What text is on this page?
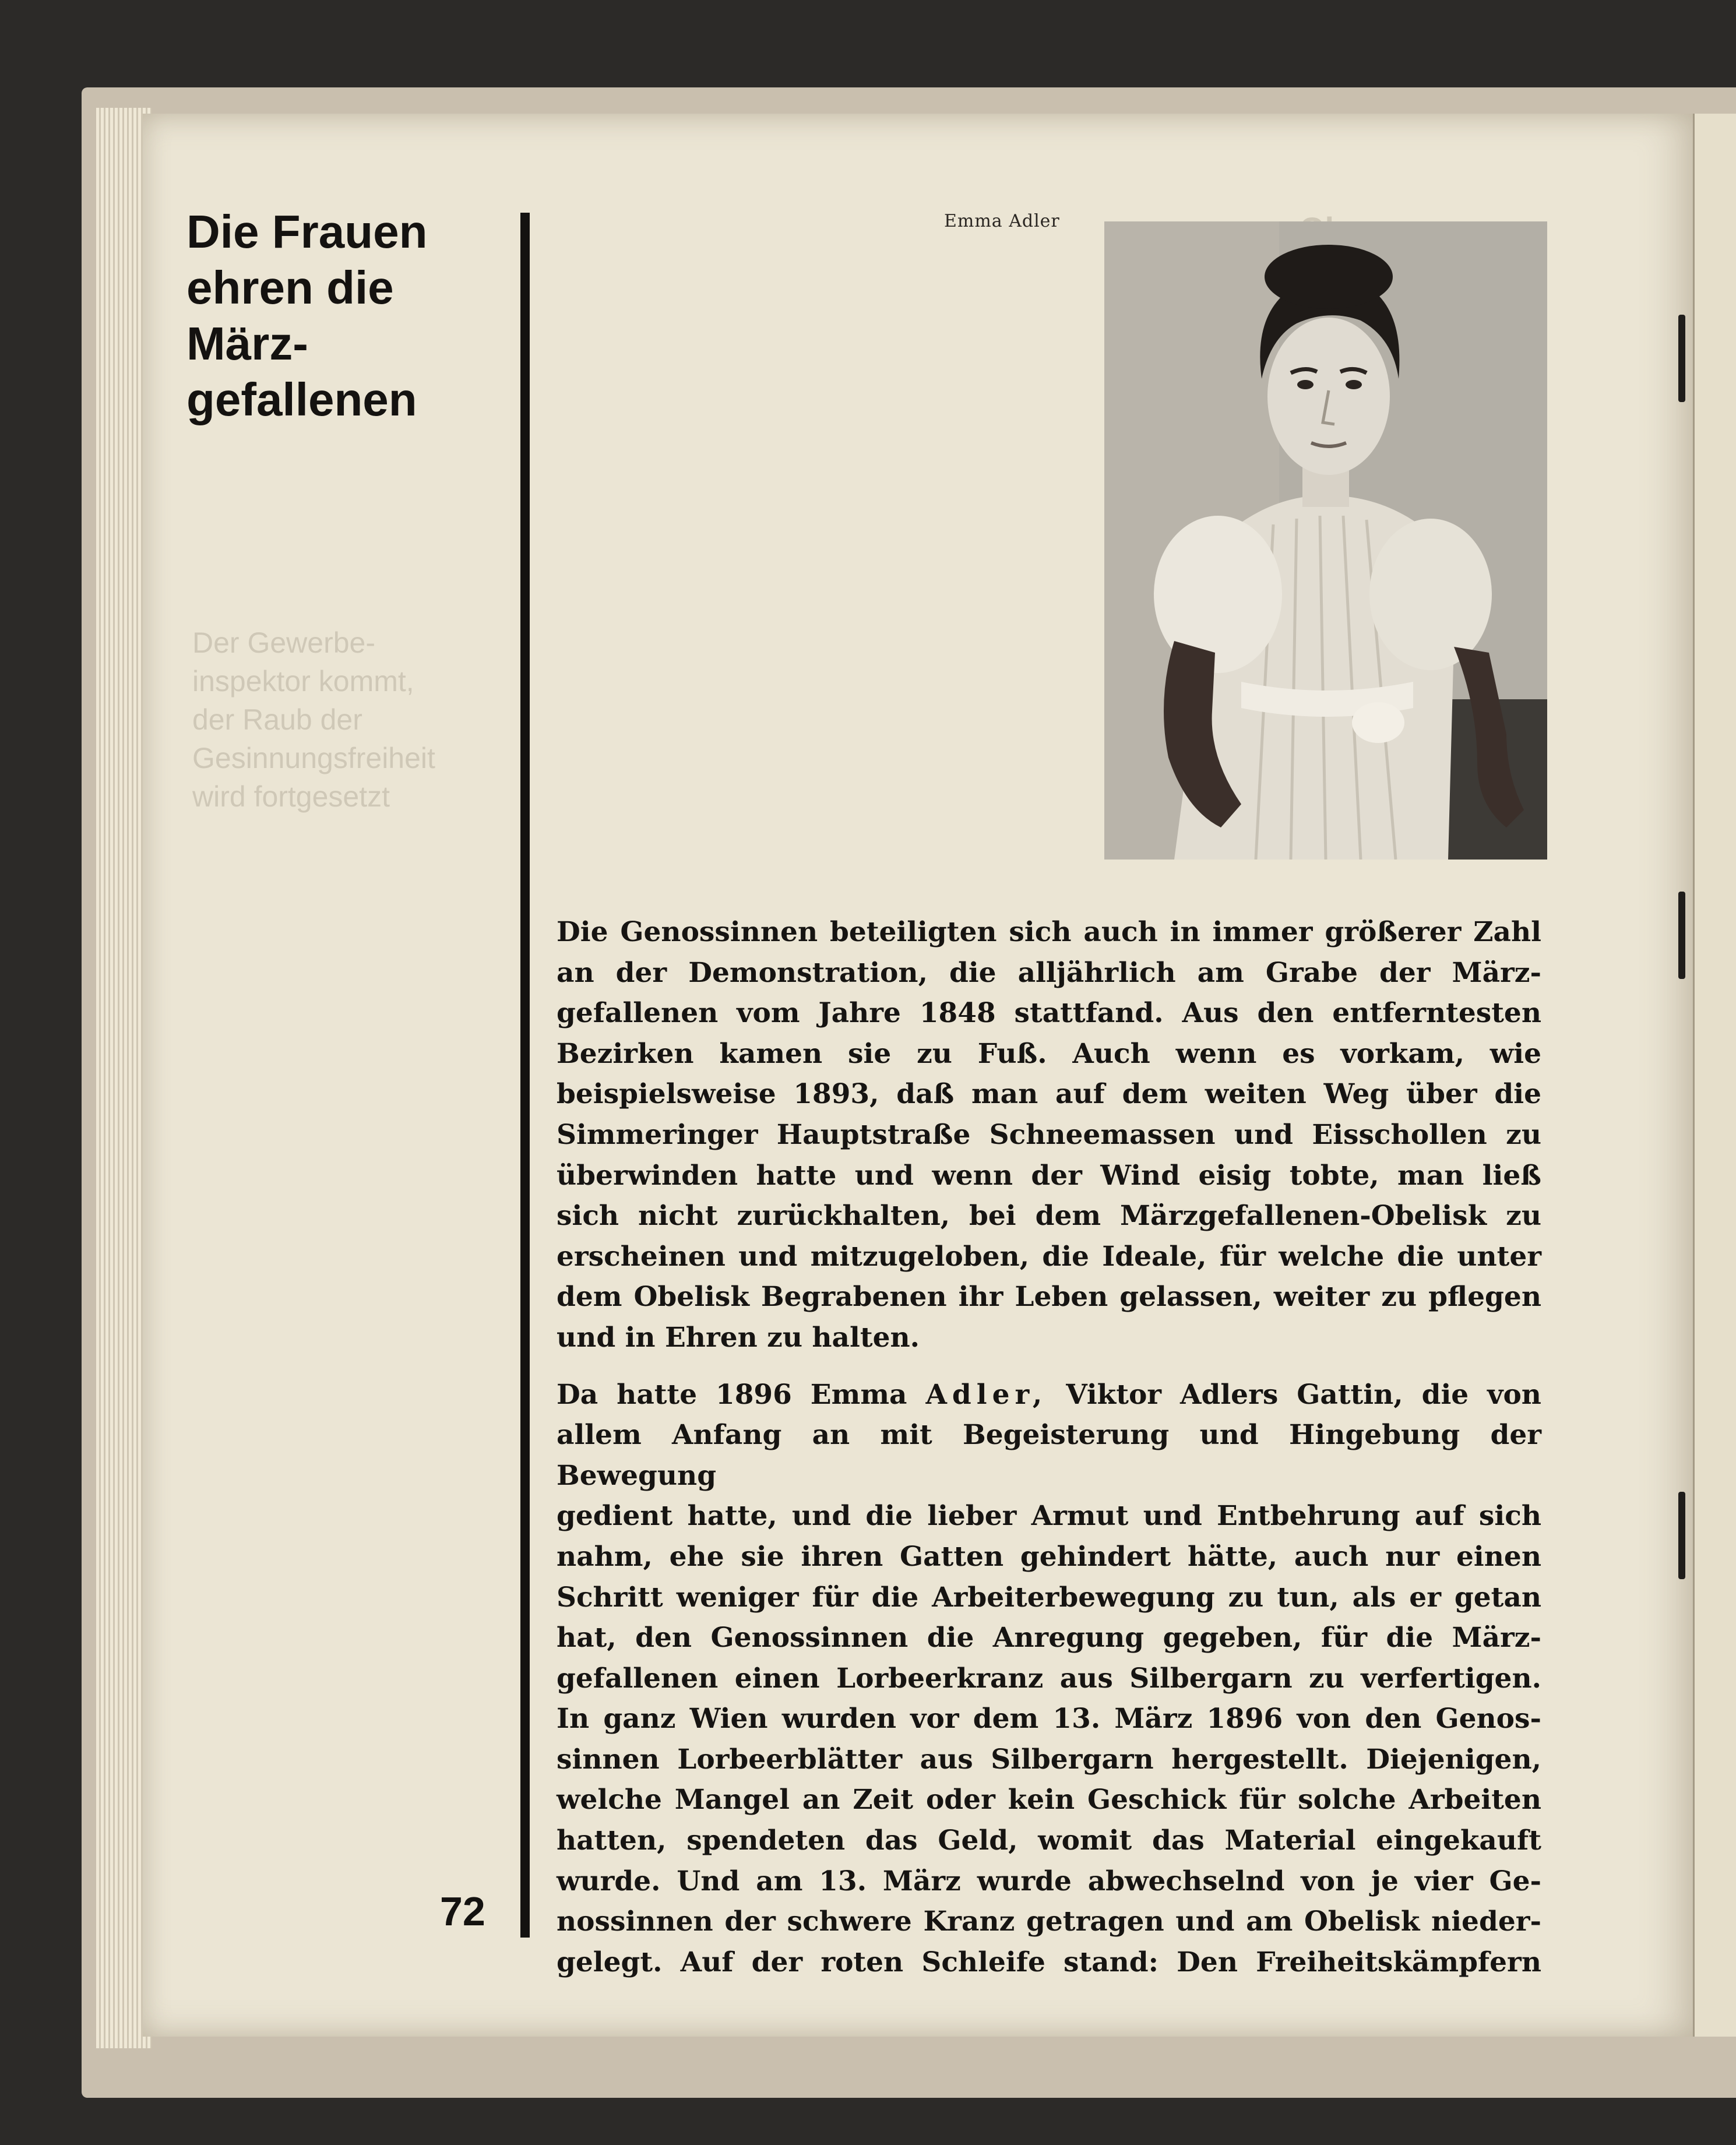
Der Gewerbe-
inspektor kommt,
der Raub der
Gesinnungsfreiheit
wird fortgesetzt
Die Frauen
ehren die
März-
gefallenen
72
Emma Adler

Die Genossinnen beteiligten sich auch in immer größerer Zahl
an der Demonstration, die alljährlich am Grabe der März-
gefallenen vom Jahre 1848 stattfand. Aus den entferntesten
Bezirken kamen sie zu Fuß. Auch wenn es vorkam, wie
beispielsweise 1893, daß man auf dem weiten Weg über die
Simmeringer Hauptstraße Schneemassen und Eisschollen zu
überwinden hatte und wenn der Wind eisig tobte, man ließ
sich nicht zurückhalten, bei dem Märzgefallenen-Obelisk zu
erscheinen und mitzugeloben, die Ideale, für welche die unter
dem Obelisk Begrabenen ihr Leben gelassen, weiter zu pflegen
und in Ehren zu halten.

Da hatte 1896 Emma Adler, Viktor Adlers Gattin, die von
allem Anfang an mit Begeisterung und Hingebung der Bewegung
gedient hatte, und die lieber Armut und Entbehrung auf sich
nahm, ehe sie ihren Gatten gehindert hätte, auch nur einen
Schritt weniger für die Arbeiterbewegung zu tun, als er getan
hat, den Genossinnen die Anregung gegeben, für die März-
gefallenen einen Lorbeerkranz aus Silbergarn zu verfertigen.
In ganz Wien wurden vor dem 13. März 1896 von den Genos-
sinnen Lorbeerblätter aus Silbergarn hergestellt. Diejenigen,
welche Mangel an Zeit oder kein Geschick für solche Arbeiten
hatten, spendeten das Geld, womit das Material eingekauft
wurde. Und am 13. März wurde abwechselnd von je vier Ge-
nossinnen der schwere Kranz getragen und am Obelisk nieder-
gelegt. Auf der roten Schleife stand: Den Freiheitskämpfern
